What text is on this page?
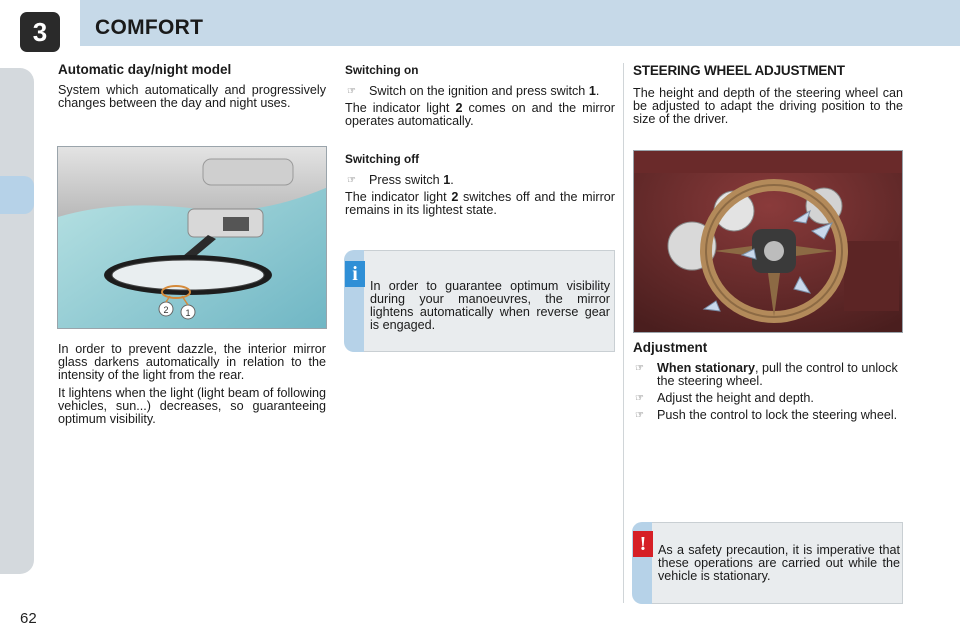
3	COMFORT
Automatic day/night model

System which automatically and progressively changes between the day and night uses.

2 1

In order to prevent dazzle, the interior mirror glass darkens automatically in relation to the intensity of the light from the rear.

It lightens when the light (light beam of following vehicles, sun...) decreases, so guaranteeing optimum visibility.

Switching on
☞ Switch on the ignition and press switch 1.

The indicator light 2 comes on and the mirror operates automatically.

Switching off
☞ Press switch 1.

The indicator light 2 switches off and the mirror remains in its lightest state.

i
In order to guarantee optimum visibility during your manoeuvres, the mirror lightens automatically when reverse gear is engaged.
STEERING WHEEL ADJUSTMENT

The height and depth of the steering wheel can be adjusted to adapt the driving position to the size of the driver.

Adjustment
☞ When stationary, pull the control to unlock the steering wheel.
☞ Adjust the height and depth.
☞ Push the control to lock the steering wheel.
! As a safety precaution, it is imperative that these operations are carried out while the vehicle is stationary.
62
